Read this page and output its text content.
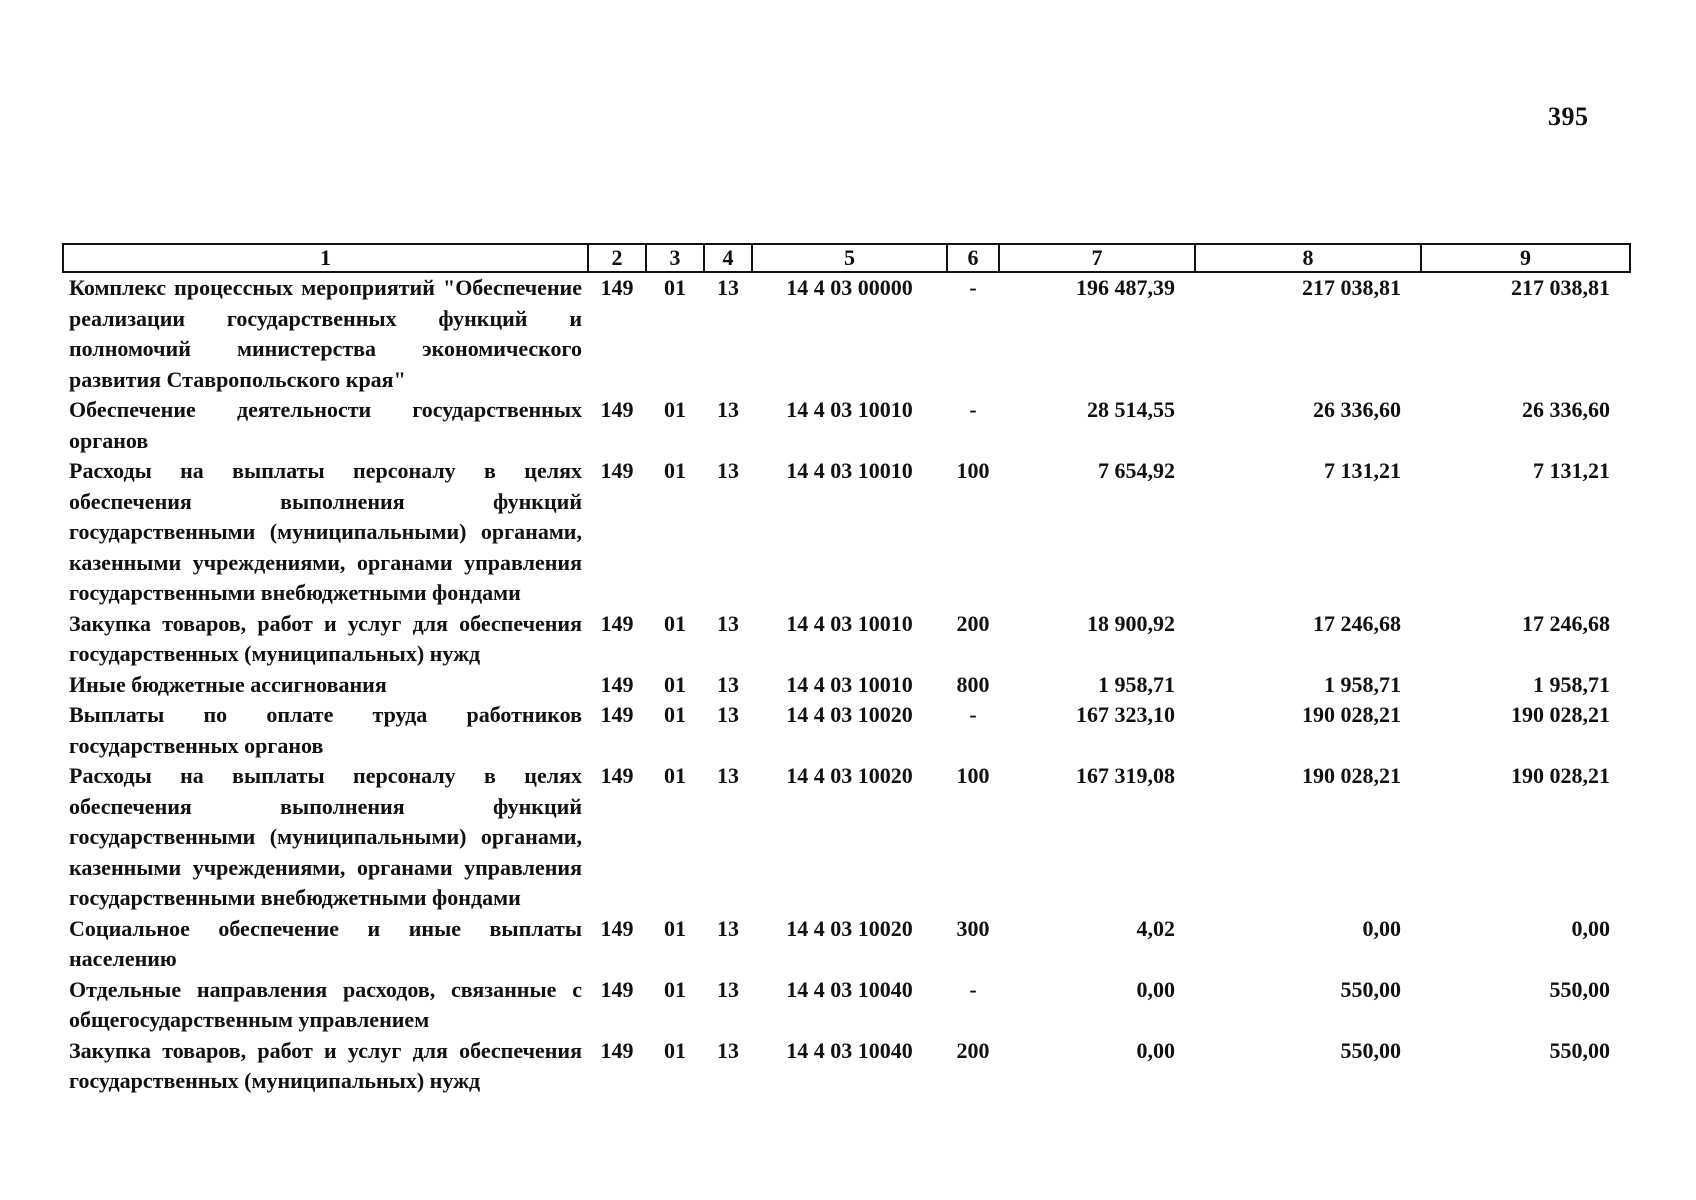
395
1	2	3	4	5	6	7	8	9
Комплекс процессных мероприятий "Обеспечение реализации государственных функций и полномочий министерства экономического развития Ставропольского края"	149	01	13	14 4 03 00000	-	196 487,39	217 038,81	217 038,81
Обеспечение деятельности государственных органов	149	01	13	14 4 03 10010	-	28 514,55	26 336,60	26 336,60
Расходы на выплаты персоналу в целях обеспечения выполнения функций государственными (муниципальными) органами, казенными учреждениями, органами управления государственными внебюджетными фондами	149	01	13	14 4 03 10010	100	7 654,92	7 131,21	7 131,21
Закупка товаров, работ и услуг для обеспечения государственных (муниципальных) нужд	149	01	13	14 4 03 10010	200	18 900,92	17 246,68	17 246,68
Иные бюджетные ассигнования	149	01	13	14 4 03 10010	800	1 958,71	1 958,71	1 958,71
Выплаты по оплате труда работников государственных органов	149	01	13	14 4 03 10020	-	167 323,10	190 028,21	190 028,21
Расходы на выплаты персоналу в целях обеспечения выполнения функций государственными (муниципальными) органами, казенными учреждениями, органами управления государственными внебюджетными фондами	149	01	13	14 4 03 10020	100	167 319,08	190 028,21	190 028,21
Социальное обеспечение и иные выплаты населению	149	01	13	14 4 03 10020	300	4,02	0,00	0,00
Отдельные направления расходов, связанные с общегосударственным управлением	149	01	13	14 4 03 10040	-	0,00	550,00	550,00
Закупка товаров, работ и услуг для обеспечения государственных (муниципальных) нужд	149	01	13	14 4 03 10040	200	0,00	550,00	550,00
